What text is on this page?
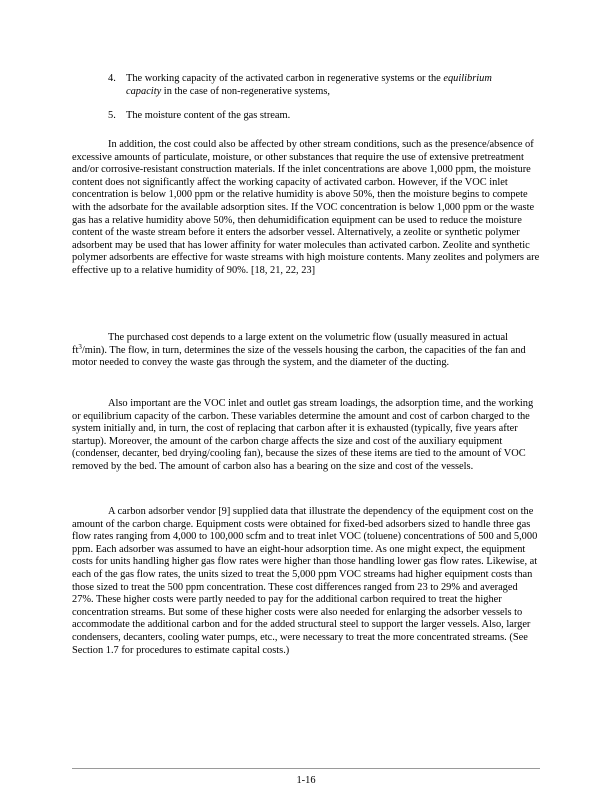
4. The working capacity of the activated carbon in regenerative systems or the equilibrium capacity in the case of non-regenerative systems,
5. The moisture content of the gas stream.

In addition, the cost could also be affected by other stream conditions, such as the presence/absence of excessive amounts of particulate, moisture, or other substances that require the use of extensive pretreatment and/or corrosive-resistant construction materials. If the inlet concentrations are above 1,000 ppm, the moisture content does not significantly affect the working capacity of activated carbon. However, if the VOC inlet concentration is below 1,000 ppm or the relative humidity is above 50%, then the moisture begins to compete with the adsorbate for the available adsorption sites. If the VOC concentration is below 1,000 ppm or the waste gas has a relative humidity above 50%, then dehumidification equipment can be used to reduce the moisture content of the waste stream before it enters the adsorber vessel. Alternatively, a zeolite or synthetic polymer adsorbent may be used that has lower affinity for water molecules than activated carbon. Zeolite and synthetic polymer adsorbents are effective for waste streams with high moisture contents. Many zeolites and polymers are effective up to a relative humidity of 90%. [18, 21, 22, 23]

The purchased cost depends to a large extent on the volumetric flow (usually measured in actual $ft^3/\min$). The flow, in turn, determines the size of the vessels housing the carbon, the capacities of the fan and motor needed to convey the waste gas through the system, and the diameter of the ducting.

Also important are the VOC inlet and outlet gas stream loadings, the adsorption time, and the working or equilibrium capacity of the carbon. These variables determine the amount and cost of carbon charged to the system initially and, in turn, the cost of replacing that carbon after it is exhausted (typically, five years after startup). Moreover, the amount of the carbon charge affects the size and cost of the auxiliary equipment (condenser, decanter, bed drying/cooling fan), because the sizes of these items are tied to the amount of VOC removed by the bed. The amount of carbon also has a bearing on the size and cost of the vessels.

A carbon adsorber vendor [9] supplied data that illustrate the dependency of the equipment cost on the amount of the carbon charge. Equipment costs were obtained for fixed-bed adsorbers sized to handle three gas flow rates ranging from 4,000 to 100,000 scfm and to treat inlet VOC (toluene) concentrations of 500 and 5,000 ppm. Each adsorber was assumed to have an eight-hour adsorption time. As one might expect, the equipment costs for units handling higher gas flow rates were higher than those handling lower gas flow rates. Likewise, at each of the gas flow rates, the units sized to treat the 5,000 ppm VOC streams had higher equipment costs than those sized to treat the 500 ppm concentration. These cost differences ranged from 23 to 29% and averaged 27%. These higher costs were partly needed to pay for the additional carbon required to treat the higher concentration streams. But some of these higher costs were also needed for enlarging the adsorber vessels to accommodate the additional carbon and for the added structural steel to support the larger vessels. Also, larger condensers, decanters, cooling water pumps, etc., were necessary to treat the more concentrated streams. (See Section 1.7 for procedures to estimate capital costs.)

1-16
